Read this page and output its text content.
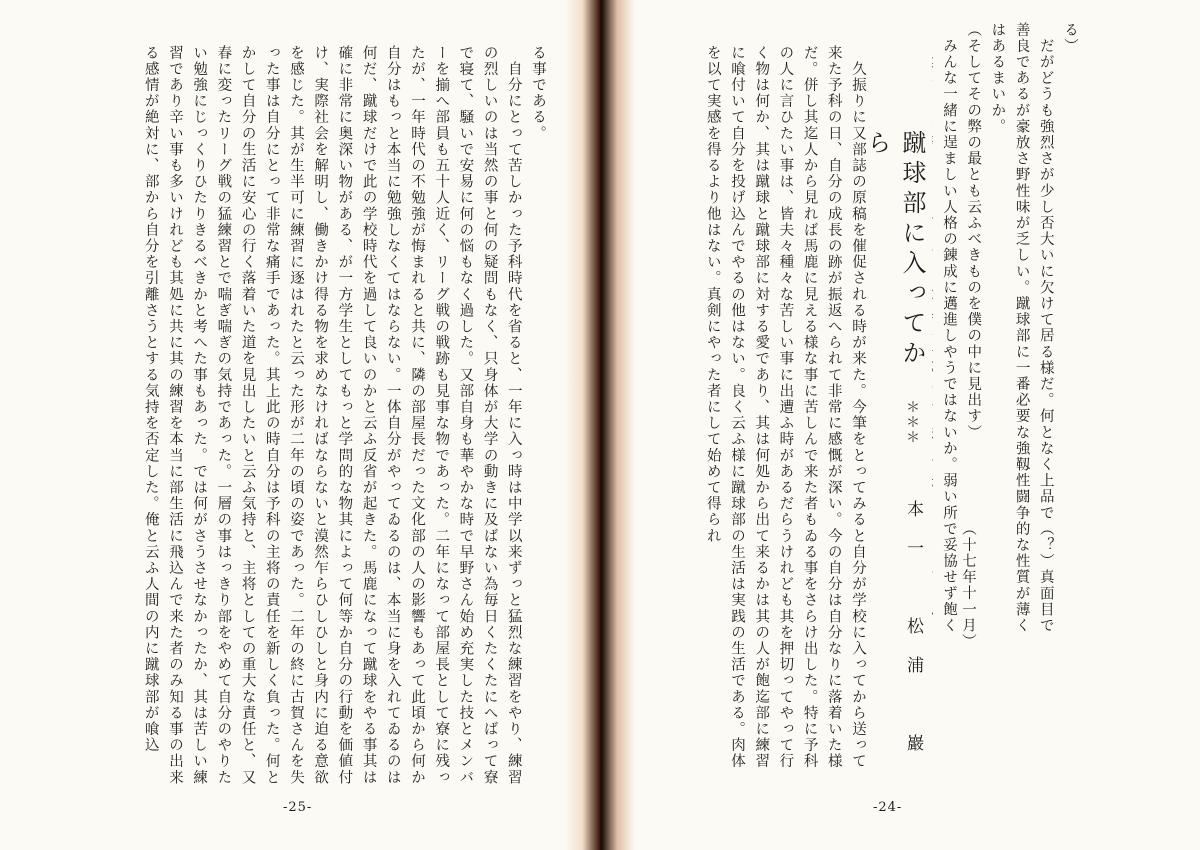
る事である。
　自分にとって苦しかった予科時代を省ると、一年に入っ時は中学以来ずっと猛烈な練習をやり、練習の烈しいのは当然の事と何の疑問もなく、只身体が大学の動きに及ばない為毎日くたくたにへばって寮で寝て、騒いで安易に何の悩もなく過した。又部自身も華やかな時で早野さん始め充実した技とメンバーを揃へ部員も五十人近く、リーグ戦の戦跡も見事な物であった。二年になって部屋長として寮に残ったが、一年時代の不勉強が悔まれると共に、隣の部屋長だった文化部の人の影響もあって此頃から何か自分はもっと本当に勉強しなくてはならない。一体自分がやってゐるのは、本当に身を入れてゐるのは何だ、蹴球だけで此の学校時代を過して良いのかと云ふ反省が起きた。馬鹿になって蹴球をやる事其は確に非常に奥深い物がある、が一方学生としてもっと学問的な物其によって何等か自分の行動を価値付け、実際社会を解明し、働きかけ得る物を求めなければならないと漠然乍らひしひしと身内に迫る意欲を感じた。其が生半可に練習に逐はれたと云った形が二年の頃の姿であった。二年の終に古賀さんを失った事は自分にとって非常な痛手であった。其上此の時自分は予科の主将の責任を新しく負った。何とかして自分の生活に安心の行く落着いた道を見出したいと云ふ気持と、主将としての重大な責任と、又春に変ったリーグ戦の猛練習とで喘ぎ喘ぎの気持であった。一層の事はっきり部をやめて自分のやりたい勉強にじっくりひたりきるべきかと考へた事もあった。では何がさうさせなかったか、其は苦しい練習であり辛い事も多いけれども其処に共に其の練習を本当に部生活に飛込んで来た者のみ知る事の出来る感情が絶対に、部から自分を引離さうとする気持を否定した。俺と云ふ人間の内に蹴球部が喰込
-25-
る）
　だがどうも強烈さが少し否大いに欠けて居る様だ。何となく上品で（？）真面目で善良であるが豪放さ野性味が乏しい。蹴球部に一番必要な強靱性闘争的な性質が薄くはあるまいか。
（そしてその弊の最とも云ふべきものを僕の中に見出す）
　みんな一緒に逞ましい人格の錬成に邁進しやうではないか。弱い所で妥協せず飽く （十七年十一月）
蹴球部に入ってから
＊＊＊
本一　松浦　巖
　久振りに又部誌の原稿を催促される時が来た。今筆をとってみると自分が学校に入ってから送って来た予科の日、自分の成長の跡が振返へられて非常に感慨が深い。今の自分は自分なりに落着いた様だ。併し其迄人から見れば馬鹿に見える様な事に苦しんで来た者もゐる事をさらけ出した。特に予科の人に言ひたい事は、皆夫々種々な苦しい事に出遭ふ時があるだらうけれども其を押切ってやって行く物は何か、其は蹴球と蹴球部に対する愛であり、其は何処から出て来るかは其の人が飽迄部に練習に喰付いて自分を投げ込んでやるの他はない。良く云ふ様に蹴球部の生活は実践の生活である。肉体を以て実感を得るより他はない。真剣にやった者にして始めて得られ
-24-
